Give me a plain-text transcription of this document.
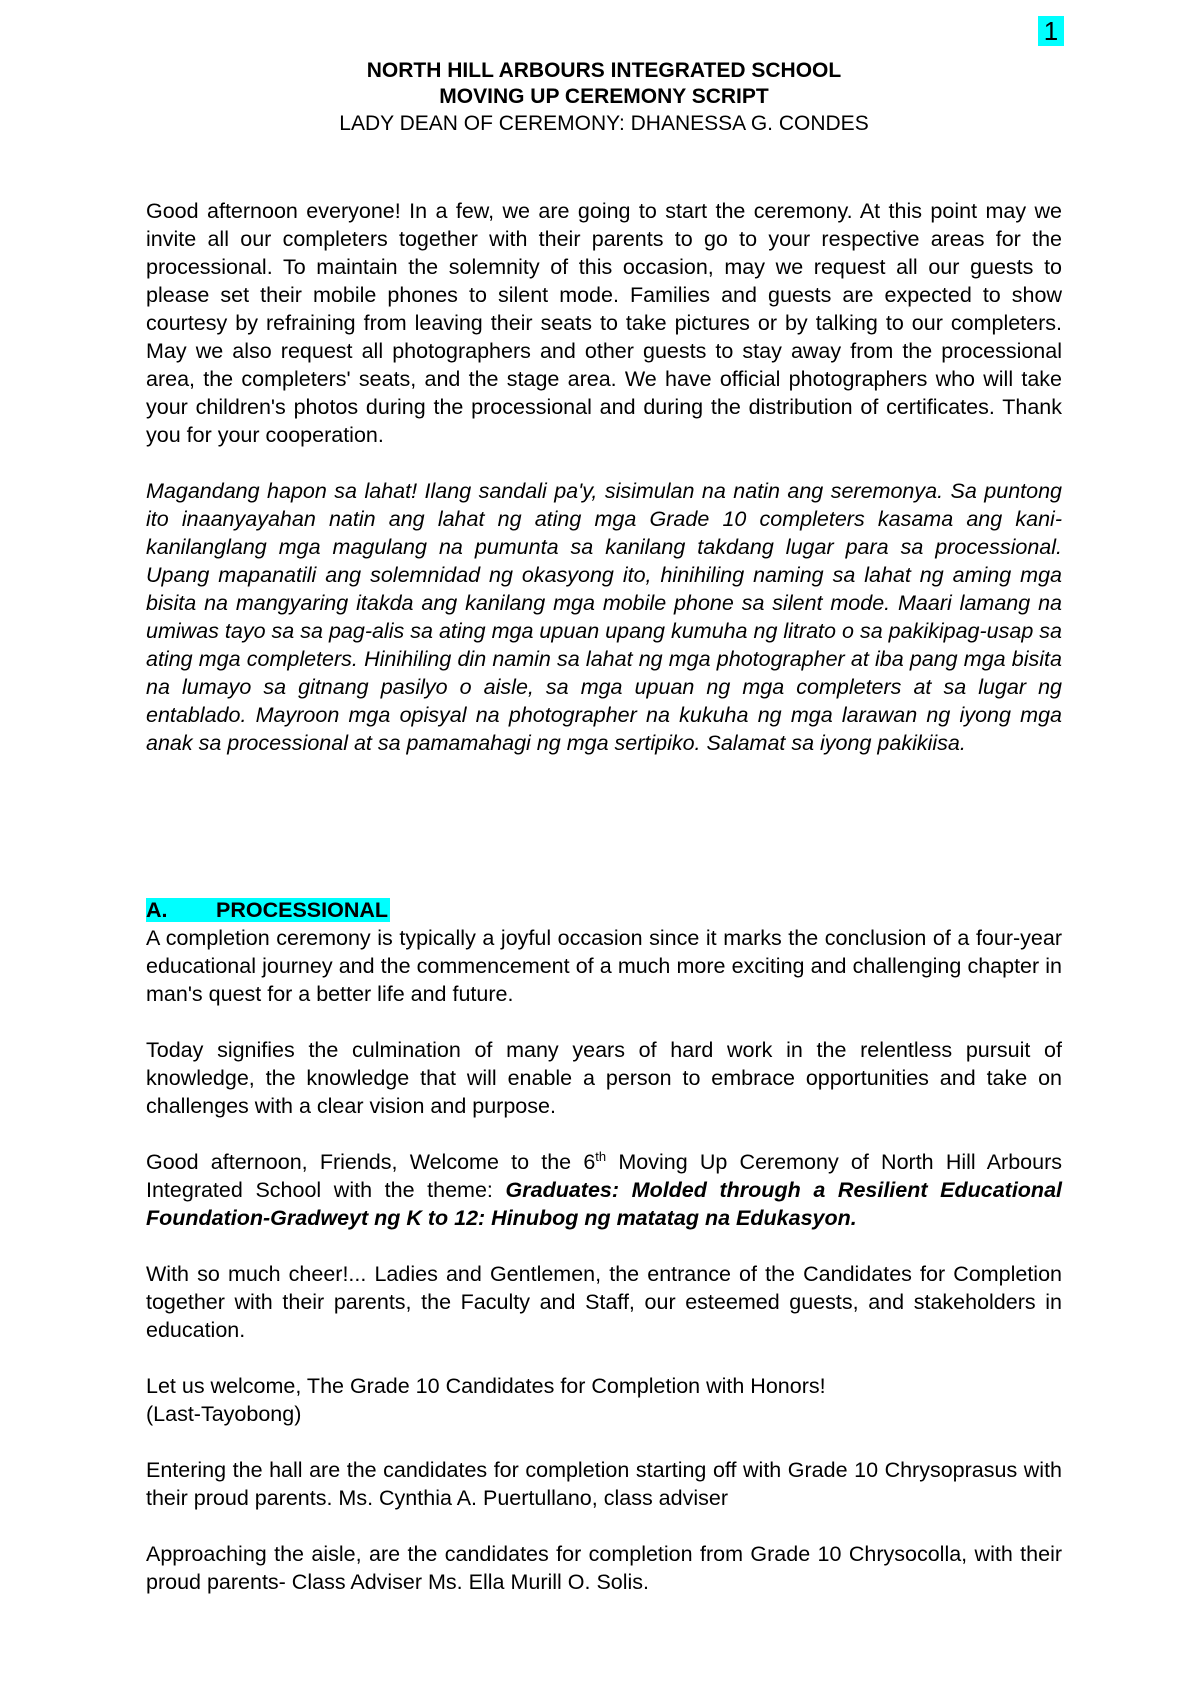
1
NORTH HILL ARBOURS INTEGRATED SCHOOL
MOVING UP CEREMONY SCRIPT
LADY DEAN OF CEREMONY: DHANESSA G. CONDES

Good afternoon everyone! In a few, we are going to start the ceremony. At this point may we invite all our completers together with their parents to go to your respective areas for the processional. To maintain the solemnity of this occasion, may we request all our guests to please set their mobile phones to silent mode. Families and guests are expected to show courtesy by refraining from leaving their seats to take pictures or by talking to our completers. May we also request all photographers and other guests to stay away from the processional area, the completers' seats, and the stage area. We have official photographers who will take your children's photos during the processional and during the distribution of certificates. Thank you for your cooperation.

Magandang hapon sa lahat! Ilang sandali pa'y, sisimulan na natin ang seremonya. Sa puntong ito inaanyayahan natin ang lahat ng ating mga Grade 10 completers kasama ang kani-kanilanglang mga magulang na pumunta sa kanilang takdang lugar para sa processional. Upang mapanatili ang solemnidad ng okasyong ito, hinihiling naming sa lahat ng aming mga bisita na mangyaring itakda ang kanilang mga mobile phone sa silent mode. Maari lamang na umiwas tayo sa sa pag-alis sa ating mga upuan upang kumuha ng litrato o sa pakikipag-usap sa ating mga completers. Hinihiling din namin sa lahat ng mga photographer at iba pang mga bisita na lumayo sa gitnang pasilyo o aisle, sa mga upuan ng mga completers at sa lugar ng entablado. Mayroon mga opisyal na photographer na kukuha ng mga larawan ng iyong mga anak sa processional at sa pamamahagi ng mga sertipiko. Salamat sa iyong pakikiisa.

A. PROCESSIONAL

A completion ceremony is typically a joyful occasion since it marks the conclusion of a four-year educational journey and the commencement of a much more exciting and challenging chapter in man's quest for a better life and future.

Today signifies the culmination of many years of hard work in the relentless pursuit of knowledge, the knowledge that will enable a person to embrace opportunities and take on challenges with a clear vision and purpose.

Good afternoon, Friends, Welcome to the 6th Moving Up Ceremony of North Hill Arbours Integrated School with the theme: Graduates: Molded through a Resilient Educational Foundation-Gradweyt ng K to 12: Hinubog ng matatag na Edukasyon.

With so much cheer!... Ladies and Gentlemen, the entrance of the Candidates for Completion together with their parents, the Faculty and Staff, our esteemed guests, and stakeholders in education.

Let us welcome, The Grade 10 Candidates for Completion with Honors!
(Last-Tayobong)

Entering the hall are the candidates for completion starting off with Grade 10 Chrysoprasus with their proud parents. Ms. Cynthia A. Puertullano, class adviser

Approaching the aisle, are the candidates for completion from Grade 10 Chrysocolla, with their proud parents- Class Adviser Ms. Ella Murill O. Solis.
